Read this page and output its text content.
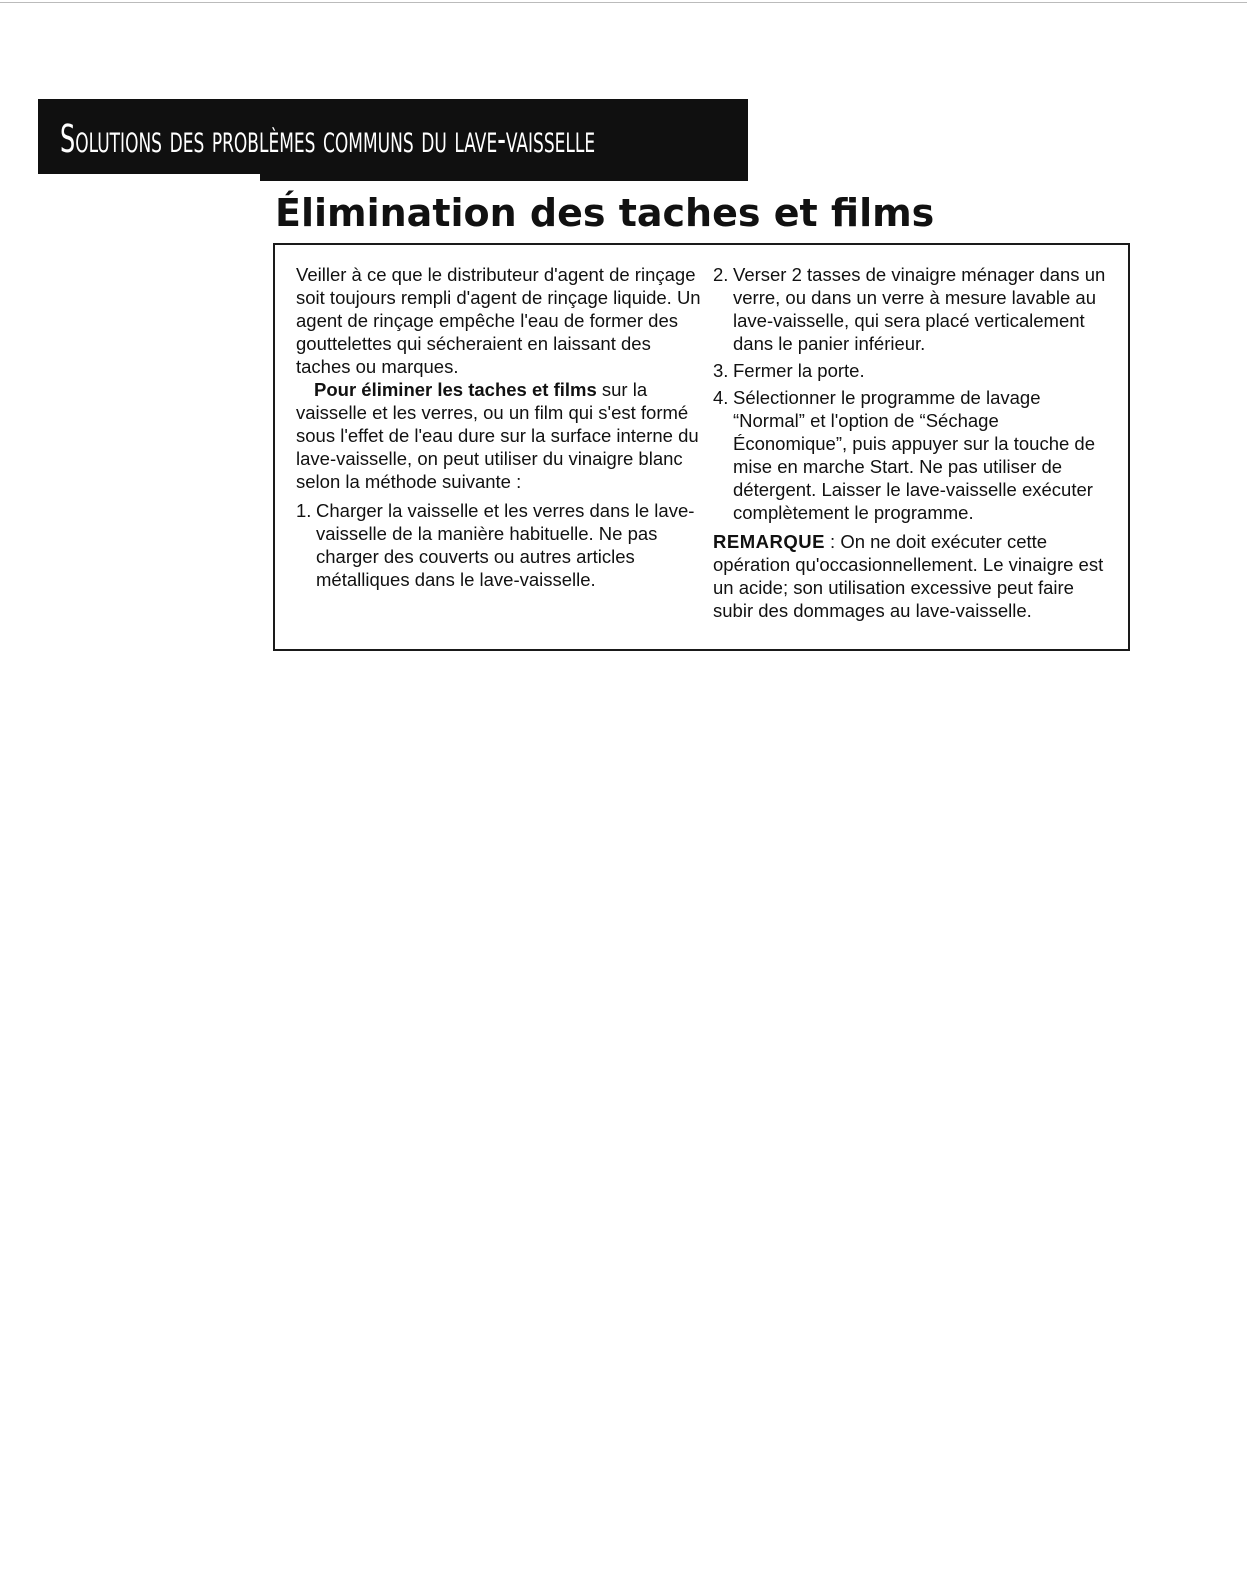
Solutions des problèmes communs du lave-vaisselle
Élimination des taches et films

Veiller à ce que le distributeur d'agent de rinçage soit toujours rempli d'agent de rinçage liquide. Un agent de rinçage empêche l'eau de former des gouttelettes qui sécheraient en laissant des taches ou marques.

Pour éliminer les taches et films sur la vaisselle et les verres, ou un film qui s'est formé sous l'effet de l'eau dure sur la surface interne du lave-vaisselle, on peut utiliser du vinaigre blanc selon la méthode suivante :

1. Charger la vaisselle et les verres dans le lave-vaisselle de la manière habituelle. Ne pas charger des couverts ou autres articles métalliques dans le lave-vaisselle.
2. Verser 2 tasses de vinaigre ménager dans un verre, ou dans un verre à mesure lavable au lave-vaisselle, qui sera placé verticalement dans le panier inférieur.
3. Fermer la porte.
4. Sélectionner le programme de lavage “Normal” et l'option de “Séchage Économique”, puis appuyer sur la touche de mise en marche Start. Ne pas utiliser de détergent. Laisser le lave-vaisselle exécuter complètement le programme.

REMARQUE : On ne doit exécuter cette opération qu'occasionnellement. Le vinaigre est un acide; son utilisation excessive peut faire subir des dommages au lave-vaisselle.
